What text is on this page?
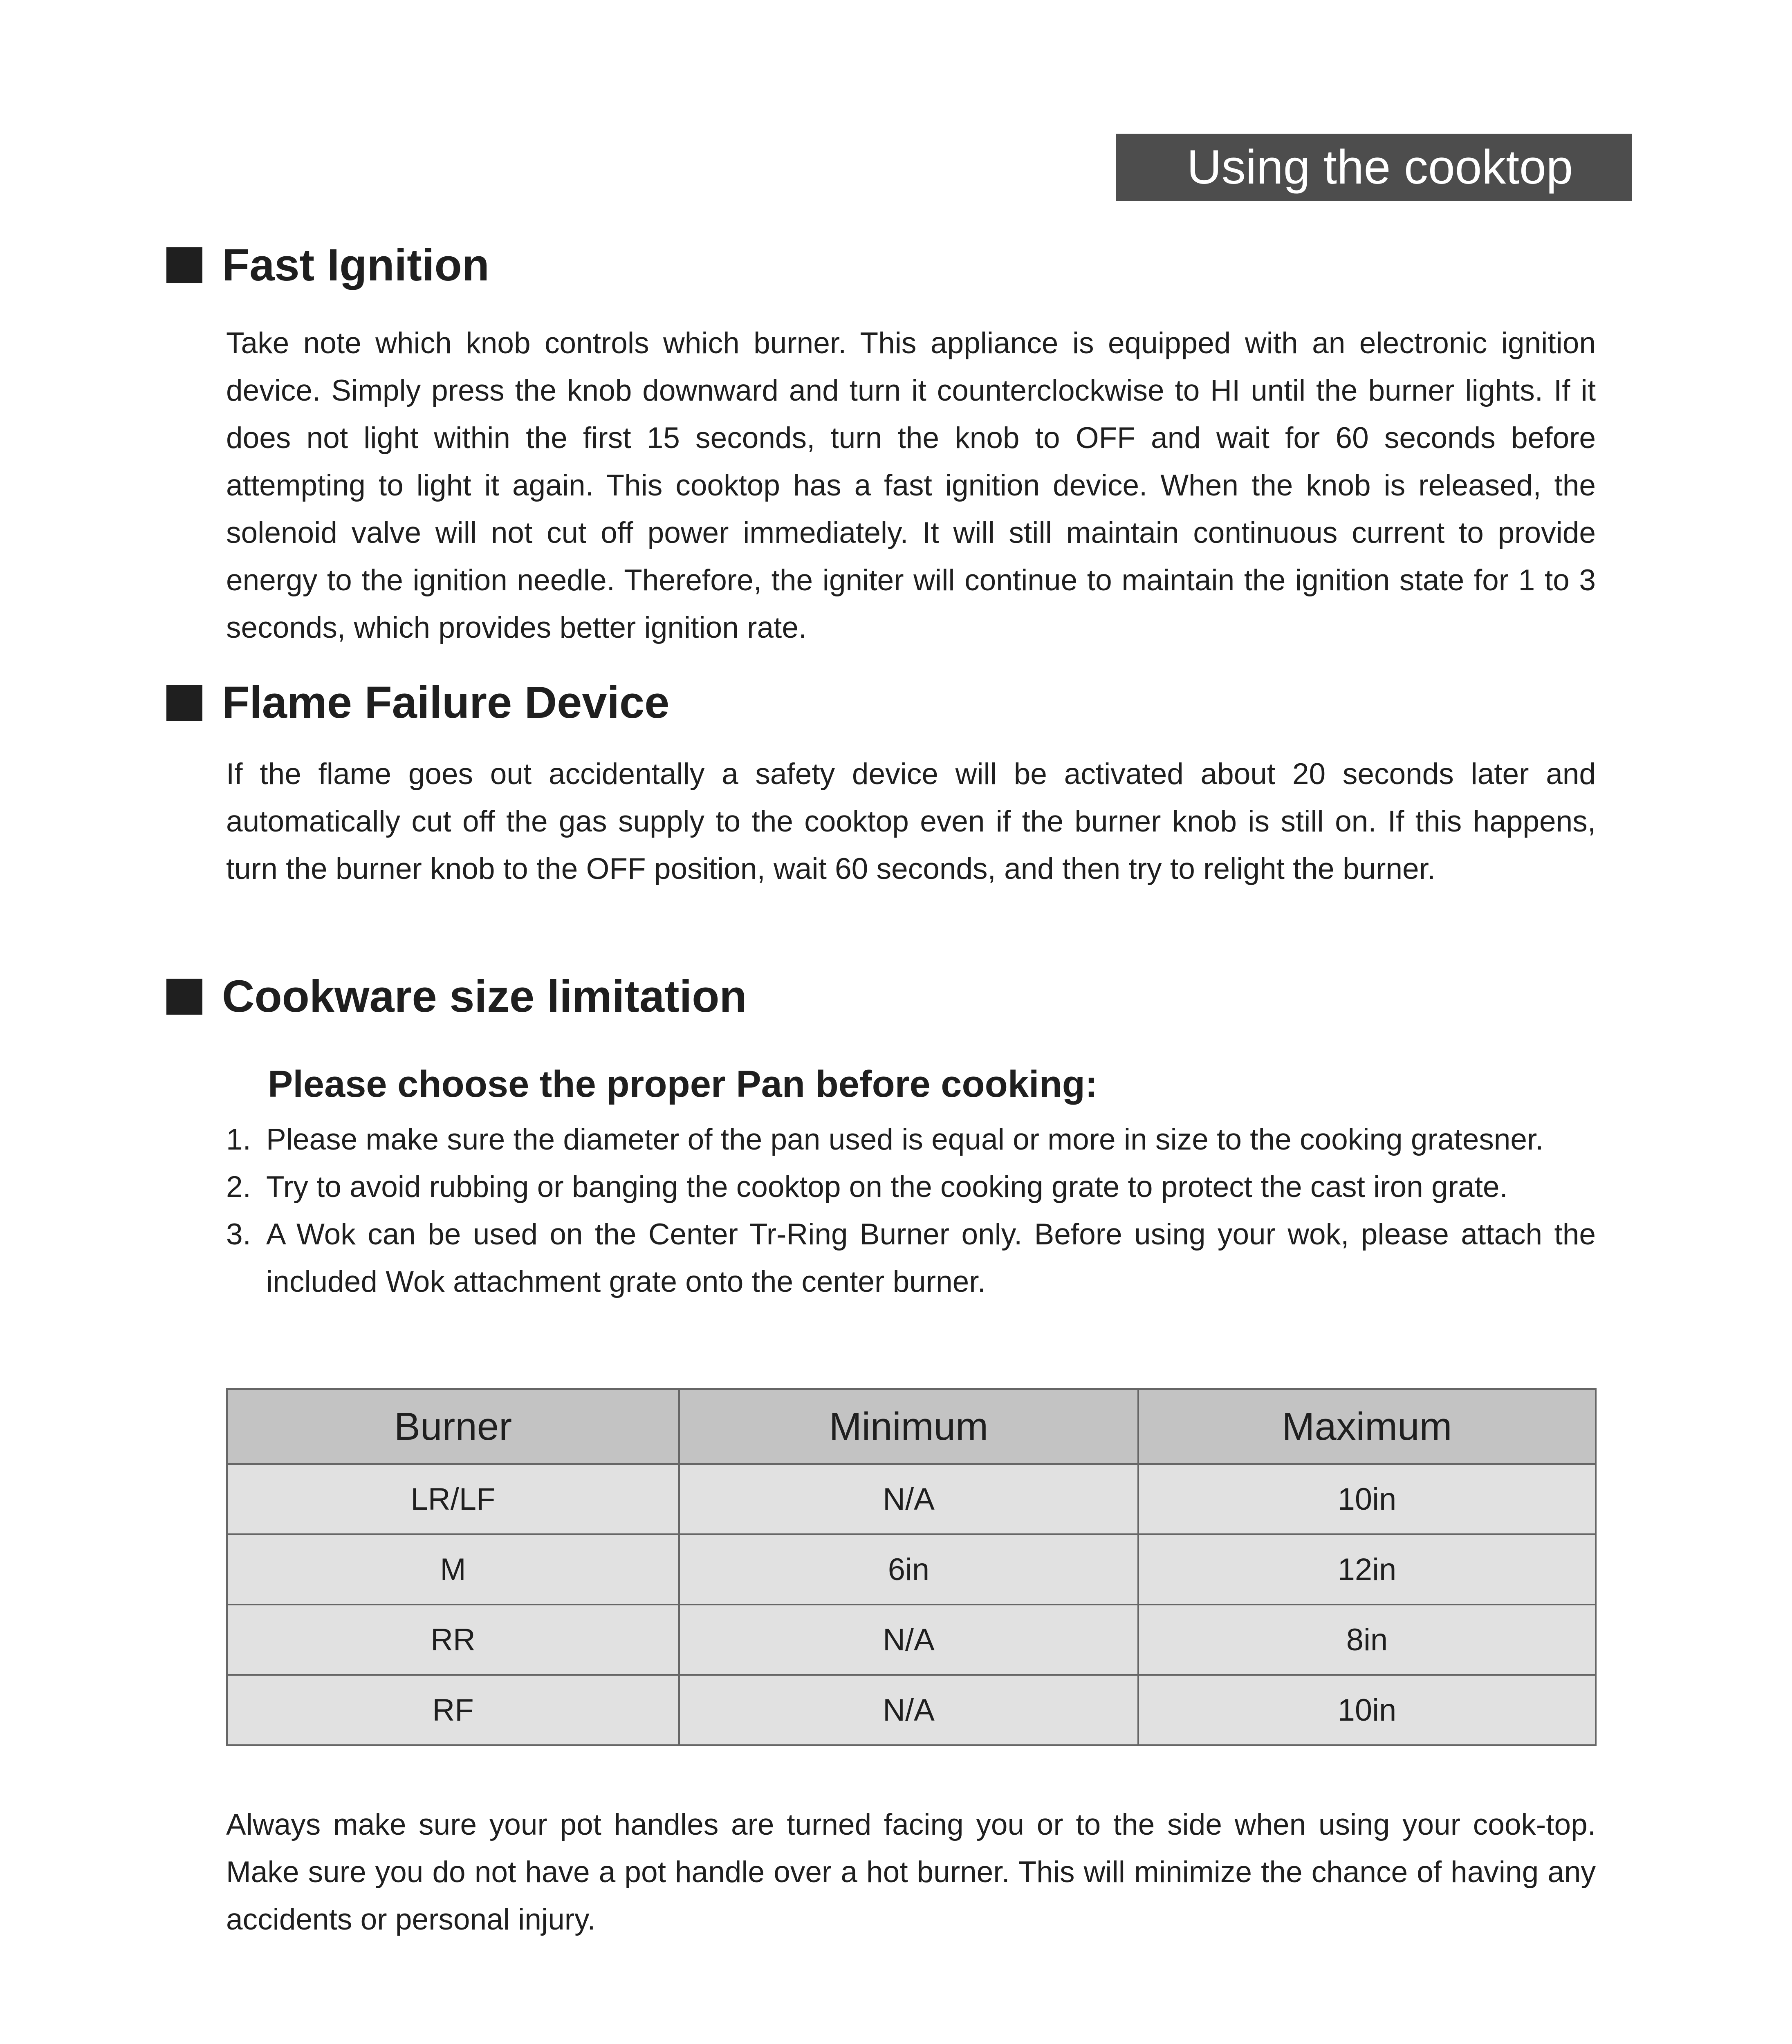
Using the cooktop
Fast Ignition
Take note which knob controls which burner. This appliance is equipped with an electronic ignition device. Simply press the knob downward and turn it counterclockwise to HI until the burner lights. If it does not light within the first 15 seconds, turn the knob to OFF and wait for 60 seconds before attempting to light it again. This cooktop has a fast ignition device. When the knob is released, the solenoid valve will not cut off power immediately. It will still maintain continuous current to provide energy to the ignition needle. Therefore, the igniter will continue to maintain the ignition state for 1 to 3 seconds, which provides better ignition rate.
Flame Failure Device
If the flame goes out accidentally a safety device will be activated about 20 seconds later and automatically cut off the gas supply to the cooktop even if the burner knob is still on. If this happens, turn the burner knob to the OFF position, wait 60 seconds, and then try to relight the burner.
Cookware size limitation
Please choose the proper Pan before cooking:
1. Please make sure the diameter of the pan used is equal or more in size to the cooking gratesner.
2. Try to avoid rubbing or banging the cooktop on the cooking grate to protect the cast iron grate.
3. A Wok can be used on the Center Tr-Ring Burner only. Before using your wok, please attach the included Wok attachment grate onto the center burner.
Burner	Minimum	Maximum
LR/LF	N/A	10in
M	6in	12in
RR	N/A	8in
RF	N/A	10in
Always make sure your pot handles are turned facing you or to the side when using your cook-top. Make sure you do not have a pot handle over a hot burner. This will minimize the chance of having any accidents or personal injury.
